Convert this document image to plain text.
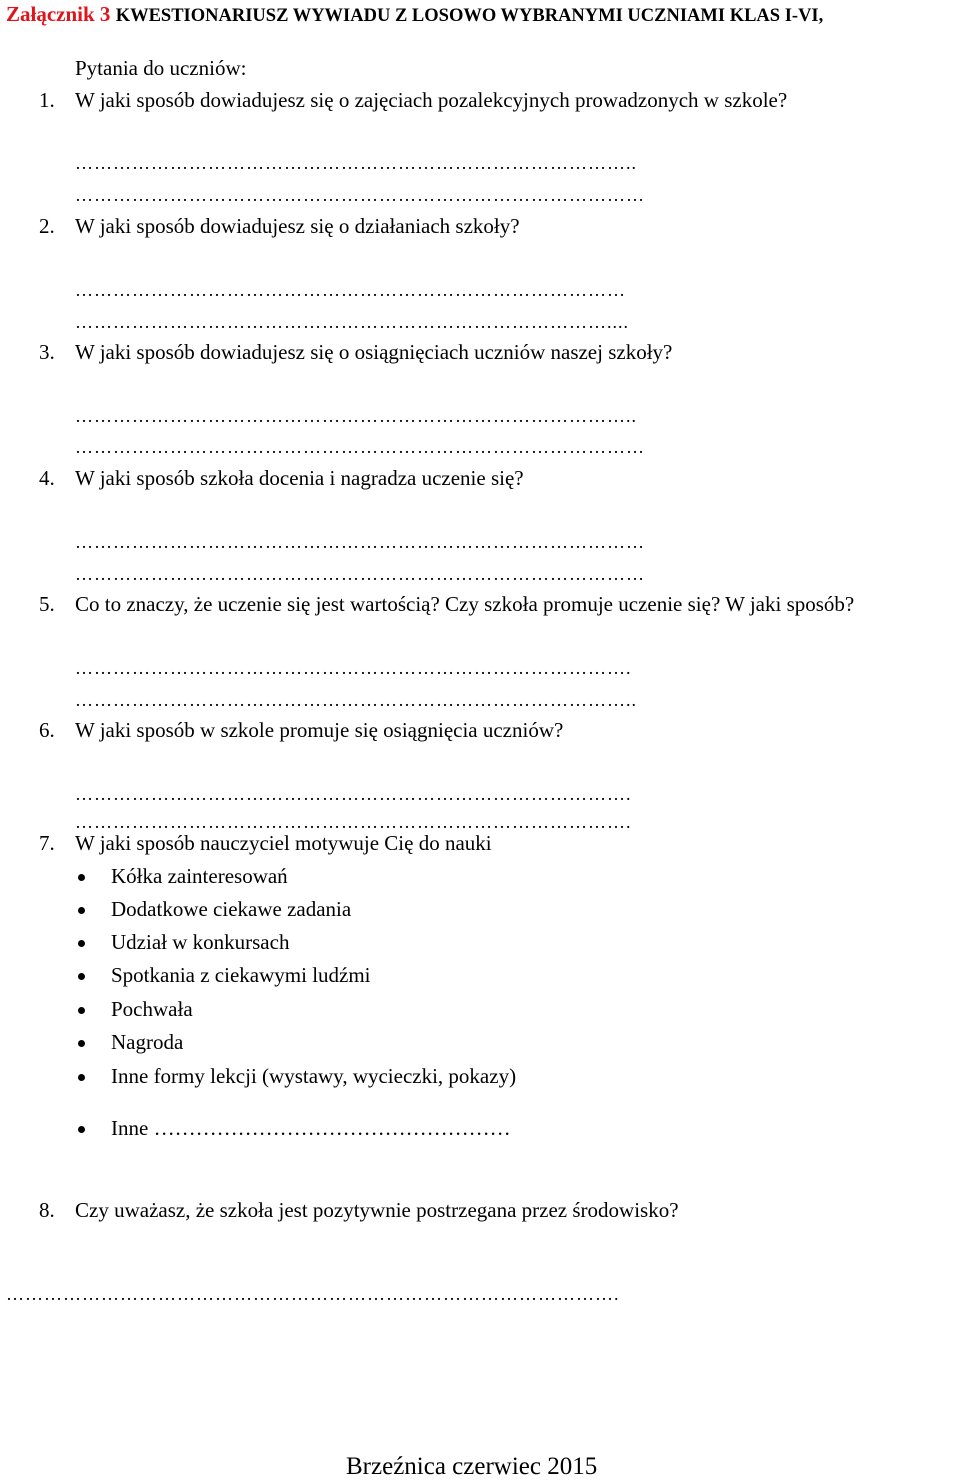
Załącznik 3 KWESTIONARIUSZ WYWIADU Z LOSOWO WYBRANYMI UCZNIAMI KLAS I-VI,
Pytania do uczniów:
1. W jaki sposób dowiadujesz się o zajęciach pozalekcyjnych prowadzonych w szkole?
……………………………………………………………………………..
………………………………………………………………………………
2. W jaki sposób dowiadujesz się o działaniach szkoły?
……………………………………………………………………………
…………………………………………………………………………....
3. W jaki sposób dowiadujesz się o osiągnięciach uczniów naszej szkoły?
……………………………………………………………………………..
………………………………………………………………………………
4. W jaki sposób szkoła docenia i nagradza uczenie się?
………………………………………………………………………………
………………………………………………………………………………
5. Co to znaczy, że uczenie się jest wartością? Czy szkoła promuje uczenie się? W jaki sposób?
…………………………………………………………………………….
……………………………………………………………………………..
6. W jaki sposób w szkole promuje się osiągnięcia uczniów?
…………………………………………………………………………….
…………………………………………………………………………….
7. W jaki sposób nauczyciel motywuje Cię do nauki
Kółka zainteresowań
Dodatkowe ciekawe zadania
Udział w konkursach
Spotkania z ciekawymi ludźmi
Pochwała
Nagroda
Inne formy lekcji (wystawy, wycieczki, pokazy)
Inne ……………………………………………
8. Czy uważasz, że szkoła jest pozytywnie postrzegana przez środowisko?
…………………………………………………………………………………….
Brzeźnica czerwiec 2015
